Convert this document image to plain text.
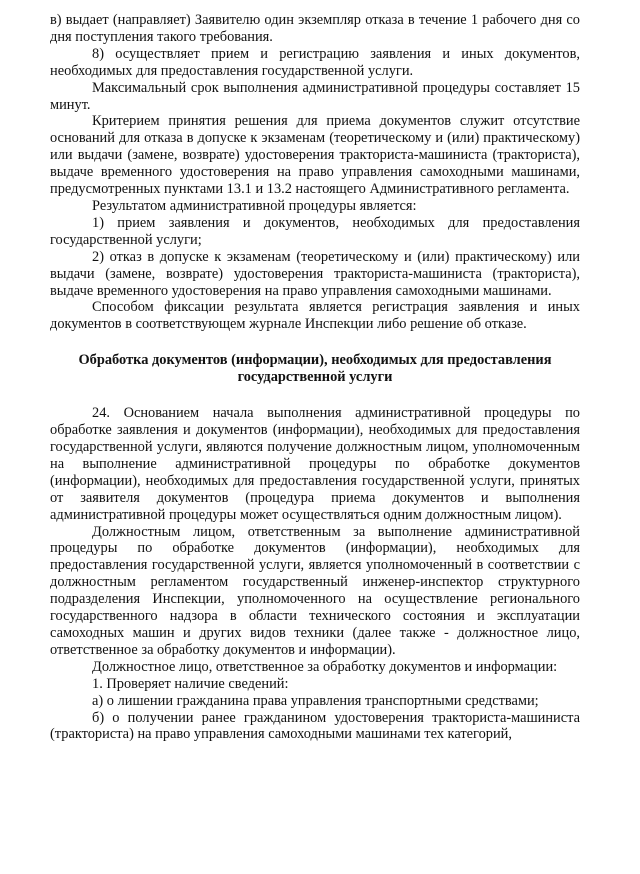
в) выдает (направляет) Заявителю один экземпляр отказа в течение 1 рабочего дня со дня поступления такого требования.

8) осуществляет прием и регистрацию заявления и иных документов, необходимых для предоставления государственной услуги.

Максимальный срок выполнения административной процедуры составляет 15 минут.

Критерием принятия решения для приема документов служит отсутствие оснований для отказа в допуске к экзаменам (теоретическому и (или) практическому) или выдачи (замене, возврате) удостоверения тракториста-машиниста (тракториста), выдаче временного удостоверения на право управления самоходными машинами, предусмотренных пунктами 13.1 и 13.2 настоящего Административного регламента.

Результатом административной процедуры является:

1) прием заявления и документов, необходимых для предоставления государственной услуги;

2) отказ в допуске к экзаменам (теоретическому и (или) практическому) или выдачи (замене, возврате) удостоверения тракториста-машиниста (тракториста), выдаче временного удостоверения на право управления самоходными машинами.

Способом фиксации результата является регистрация заявления и иных документов в соответствующем журнале Инспекции либо решение об отказе.

Обработка документов (информации), необходимых для предоставления

государственной услуги

24. Основанием начала выполнения административной процедуры по обработке заявления и документов (информации), необходимых для предоставления государственной услуги, являются получение должностным лицом, уполномоченным на выполнение административной процедуры по обработке документов (информации), необходимых для предоставления государственной услуги, принятых от заявителя документов (процедура приема документов и выполнения административной процедуры может осуществляться одним должностным лицом).

Должностным лицом, ответственным за выполнение административной процедуры по обработке документов (информации), необходимых для предоставления государственной услуги, является уполномоченный в соответствии с должностным регламентом государственный инженер-инспектор структурного подразделения Инспекции, уполномоченного на осуществление регионального государственного надзора в области технического состояния и эксплуатации самоходных машин и других видов техники (далее также - должностное лицо, ответственное за обработку документов и информации).

Должностное лицо, ответственное за обработку документов и информации:

1. Проверяет наличие сведений:

а) о лишении гражданина права управления транспортными средствами;

б) о получении ранее гражданином удостоверения тракториста-машиниста (тракториста) на право управления самоходными машинами тех категорий,
